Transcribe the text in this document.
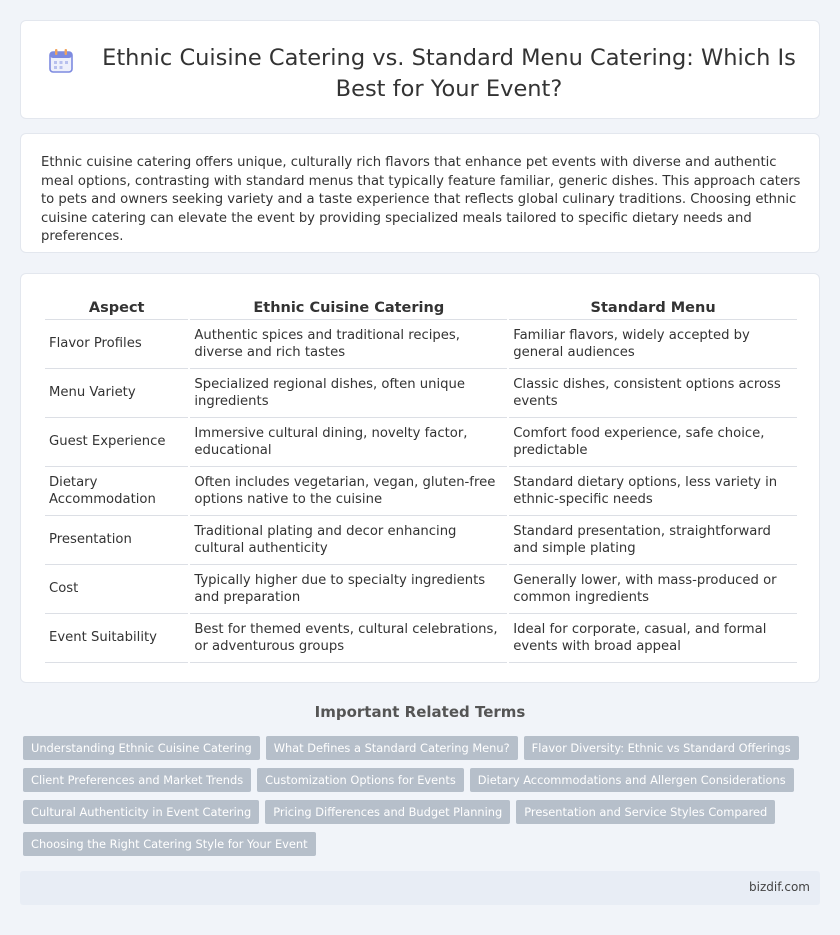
Ethnic Cuisine Catering vs. Standard Menu Catering: Which Is Best for Your Event?

Ethnic cuisine catering offers unique, culturally rich flavors that enhance pet events with diverse and authentic meal options, contrasting with standard menus that typically feature familiar, generic dishes. This approach caters to pets and owners seeking variety and a taste experience that reflects global culinary traditions. Choosing ethnic cuisine catering can elevate the event by providing specialized meals tailored to specific dietary needs and preferences.

Aspect	Ethnic Cuisine Catering	Standard Menu
Flavor Profiles	Authentic spices and traditional recipes, diverse and rich tastes	Familiar flavors, widely accepted by general audiences
Menu Variety	Specialized regional dishes, often unique ingredients	Classic dishes, consistent options across events
Guest Experience	Immersive cultural dining, novelty factor, educational	Comfort food experience, safe choice, predictable
Dietary Accommodation	Often includes vegetarian, vegan, gluten-free options native to the cuisine	Standard dietary options, less variety in ethnic-specific needs
Presentation	Traditional plating and decor enhancing cultural authenticity	Standard presentation, straightforward and simple plating
Cost	Typically higher due to specialty ingredients and preparation	Generally lower, with mass-produced or common ingredients
Event Suitability	Best for themed events, cultural celebrations, or adventurous groups	Ideal for corporate, casual, and formal events with broad appeal
Important Related Terms
Understanding Ethnic Cuisine Catering	What Defines a Standard Catering Menu?	Flavor Diversity: Ethnic vs Standard Offerings
Client Preferences and Market Trends	Customization Options for Events	Dietary Accommodations and Allergen Considerations
Cultural Authenticity in Event Catering	Pricing Differences and Budget Planning	Presentation and Service Styles Compared
Choosing the Right Catering Style for Your Event
bizdif.com
